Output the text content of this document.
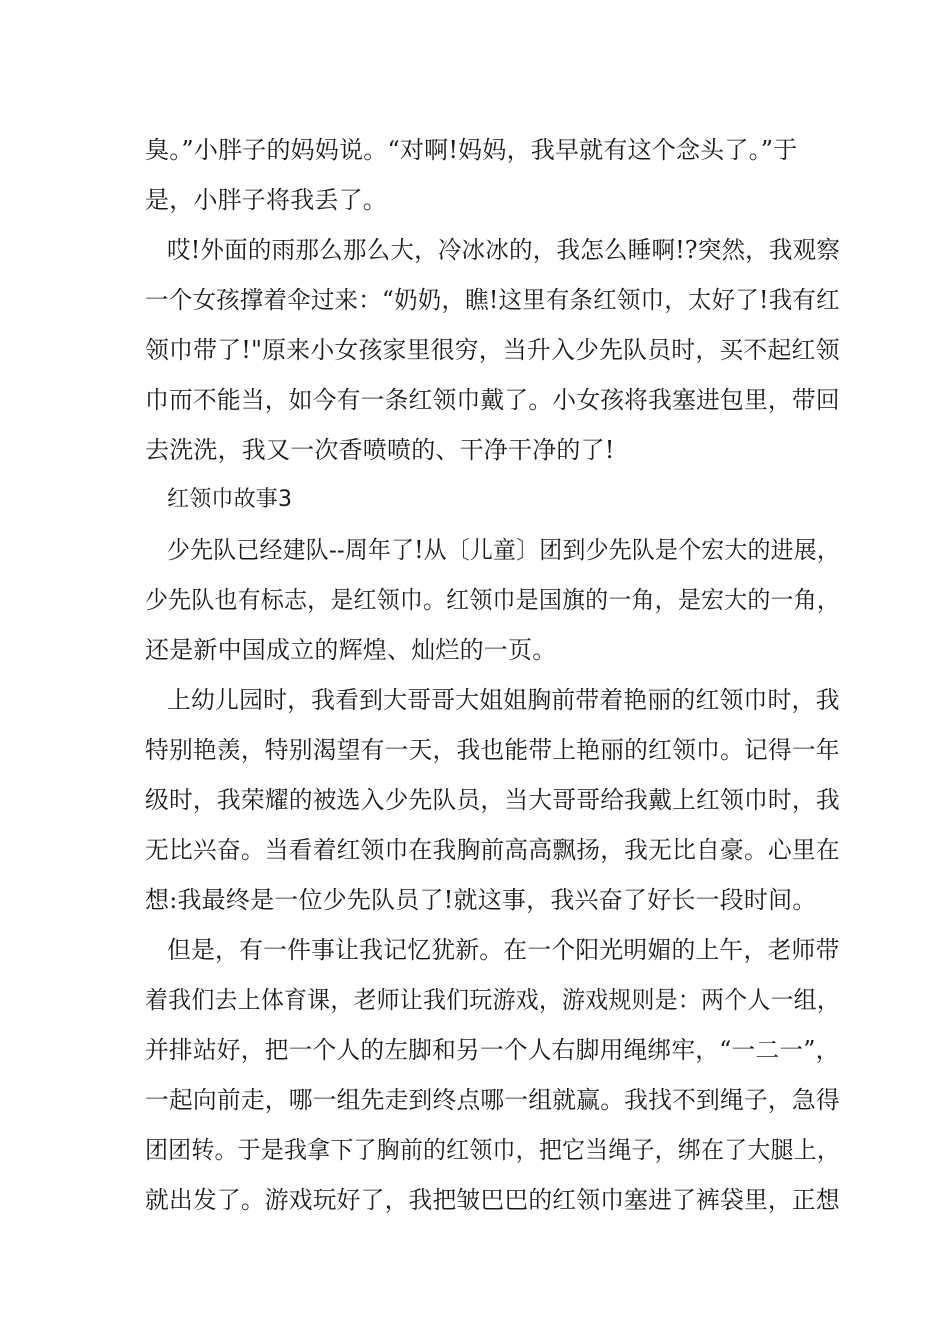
臭。”小胖子的妈妈说。“对啊!妈妈，我早就有这个念头了。”于
是，小胖子将我丢了。
哎!外面的雨那么那么大，冷冰冰的，我怎么睡啊!?突然，我观察
一个女孩撑着伞过来：“奶奶，瞧!这里有条红领巾，太好了!我有红
领巾带了!"原来小女孩家里很穷，当升入少先队员时，买不起红领
巾而不能当，如今有一条红领巾戴了。小女孩将我塞进包里，带回
去洗洗，我又一次香喷喷的、干净干净的了!
红领巾故事3
少先队已经建队--周年了!从〔儿童〕团到少先队是个宏大的进展，
少先队也有标志，是红领巾。红领巾是国旗的一角，是宏大的一角，
还是新中国成立的辉煌、灿烂的一页。
上幼儿园时，我看到大哥哥大姐姐胸前带着艳丽的红领巾时，我
特别艳羡，特别渴望有一天，我也能带上艳丽的红领巾。记得一年
级时，我荣耀的被选入少先队员，当大哥哥给我戴上红领巾时，我
无比兴奋。当看着红领巾在我胸前高高飘扬，我无比自豪。心里在
想:我最终是一位少先队员了!就这事，我兴奋了好长一段时间。
但是，有一件事让我记忆犹新。在一个阳光明媚的上午，老师带
着我们去上体育课，老师让我们玩游戏，游戏规则是：两个人一组，
并排站好，把一个人的左脚和另一个人右脚用绳绑牢，“一二一”，
一起向前走，哪一组先走到终点哪一组就赢。我找不到绳子，急得
团团转。于是我拿下了胸前的红领巾，把它当绳子，绑在了大腿上，
就出发了。游戏玩好了，我把皱巴巴的红领巾塞进了裤袋里，正想
